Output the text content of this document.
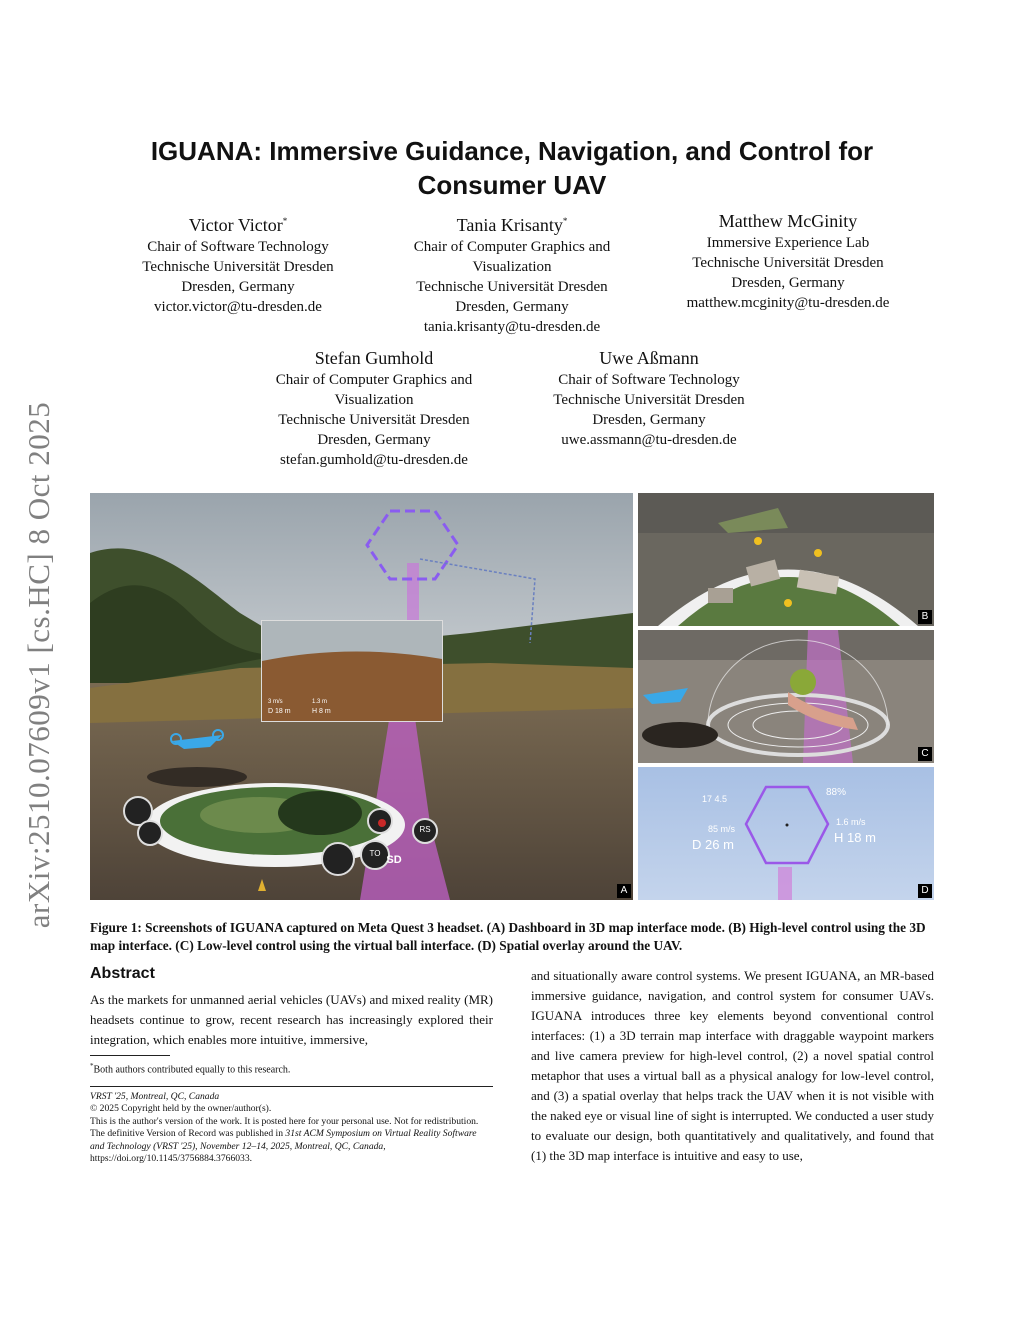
arXiv:2510.07609v1 [cs.HC] 8 Oct 2025
IGUANA: Immersive Guidance, Navigation, and Control for
Consumer UAV
Victor Victor*
Chair of Software Technology
Technische Universität Dresden
Dresden, Germany
victor.victor@tu-dresden.de
Tania Krisanty*
Chair of Computer Graphics and
Visualization
Technische Universität Dresden
Dresden, Germany
tania.krisanty@tu-dresden.de
Matthew McGinity
Immersive Experience Lab
Technische Universität Dresden
Dresden, Germany
matthew.mcginity@tu-dresden.de
Stefan Gumhold
Chair of Computer Graphics and
Visualization
Technische Universität Dresden
Dresden, Germany
stefan.gumhold@tu-dresden.de
Uwe Aßmann
Chair of Software Technology
Technische Universität Dresden
Dresden, Germany
uwe.assmann@tu-dresden.de
SD
RS
TO
D 18 m	H 8 m
3 m/s	1.3 m
A
B
C
88%
17 4.5
85 m/s
D 26 m
1.6 m/s
H 18 m
D
Figure 1: Screenshots of IGUANA captured on Meta Quest 3 headset. (A) Dashboard in 3D map interface mode. (B) High-level control using the 3D map interface. (C) Low-level control using the virtual ball interface. (D) Spatial overlay around the UAV.
Abstract
As the markets for unmanned aerial vehicles (UAVs) and mixed reality (MR) headsets continue to grow, recent research has increasingly explored their integration, which enables more intuitive, immersive,
and situationally aware control systems. We present IGUANA, an MR-based immersive guidance, navigation, and control system for consumer UAVs. IGUANA introduces three key elements beyond conventional control interfaces: (1) a 3D terrain map interface with draggable waypoint markers and live camera preview for high-level control, (2) a novel spatial control metaphor that uses a virtual ball as a physical analogy for low-level control, and (3) a spatial overlay that helps track the UAV when it is not visible with the naked eye or visual line of sight is interrupted. We conducted a user study to evaluate our design, both quantitatively and qualitatively, and found that (1) the 3D map interface is intuitive and easy to use,
*Both authors contributed equally to this research.
VRST '25, Montreal, QC, Canada
© 2025 Copyright held by the owner/author(s).
This is the author's version of the work. It is posted here for your personal use. Not for redistribution. The definitive Version of Record was published in 31st ACM Symposium on Virtual Reality Software and Technology (VRST '25), November 12–14, 2025, Montreal, QC, Canada, https://doi.org/10.1145/3756884.3766033.
